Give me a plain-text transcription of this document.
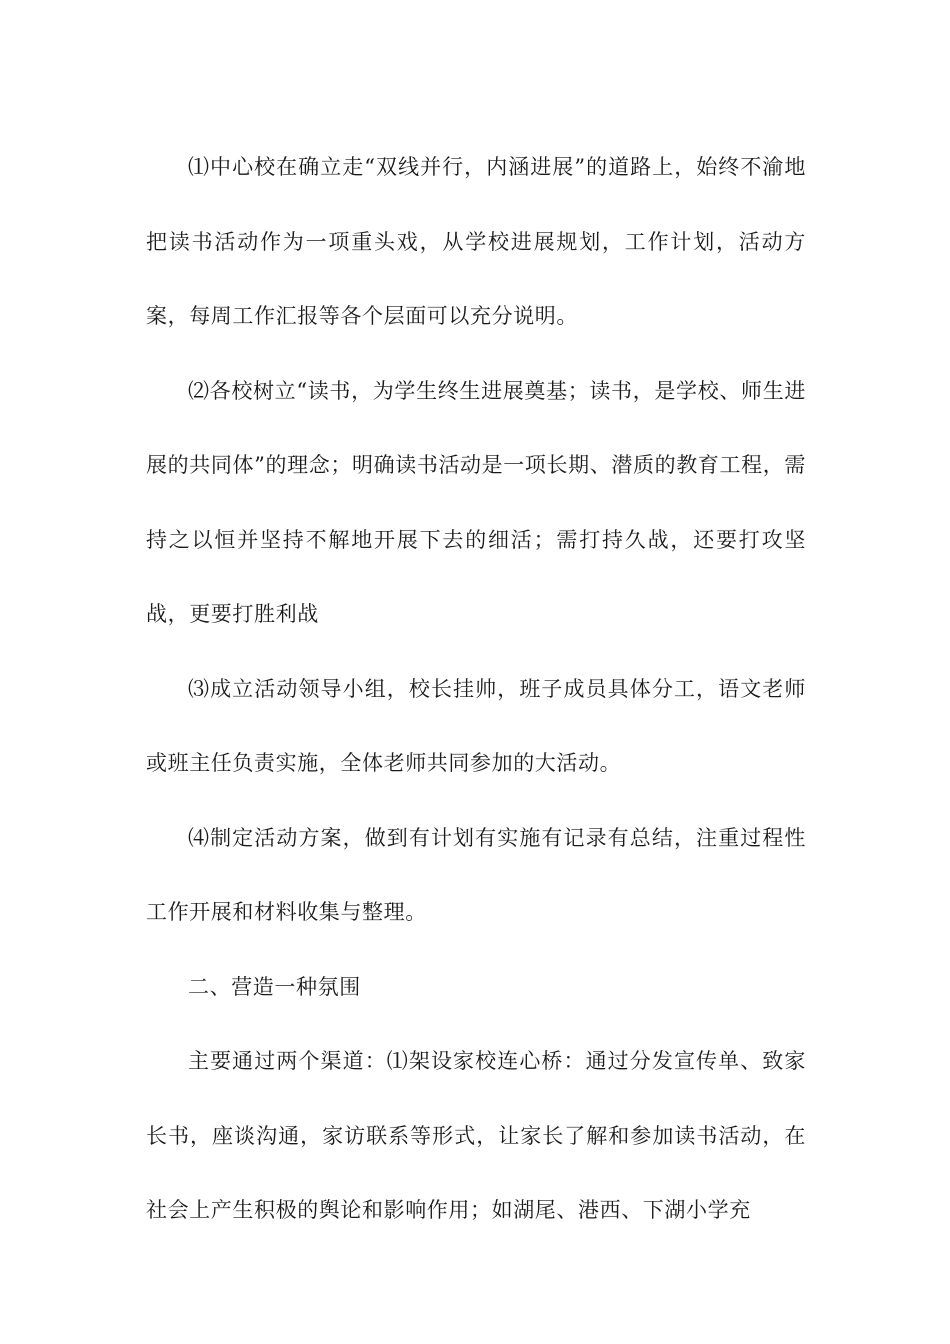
⑴中心校在确立走“双线并行，内涵进展”的道路上，始终不渝地把读书活动作为一项重头戏，从学校进展规划，工作计划，活动方案，每周工作汇报等各个层面可以充分说明。

⑵各校树立“读书，为学生终生进展奠基；读书，是学校、师生进展的共同体”的理念；明确读书活动是一项长期、潜质的教育工程，需持之以恒并坚持不解地开展下去的细活；需打持久战，还要打攻坚战，更要打胜利战

⑶成立活动领导小组，校长挂帅，班子成员具体分工，语文老师或班主任负责实施，全体老师共同参加的大活动。

⑷制定活动方案，做到有计划有实施有记录有总结，注重过程性工作开展和材料收集与整理。

二、营造一种氛围

主要通过两个渠道：⑴架设家校连心桥：通过分发宣传单、致家长书，座谈沟通，家访联系等形式，让家长了解和参加读书活动，在社会上产生积极的舆论和影响作用；如湖尾、港西、下湖小学充
